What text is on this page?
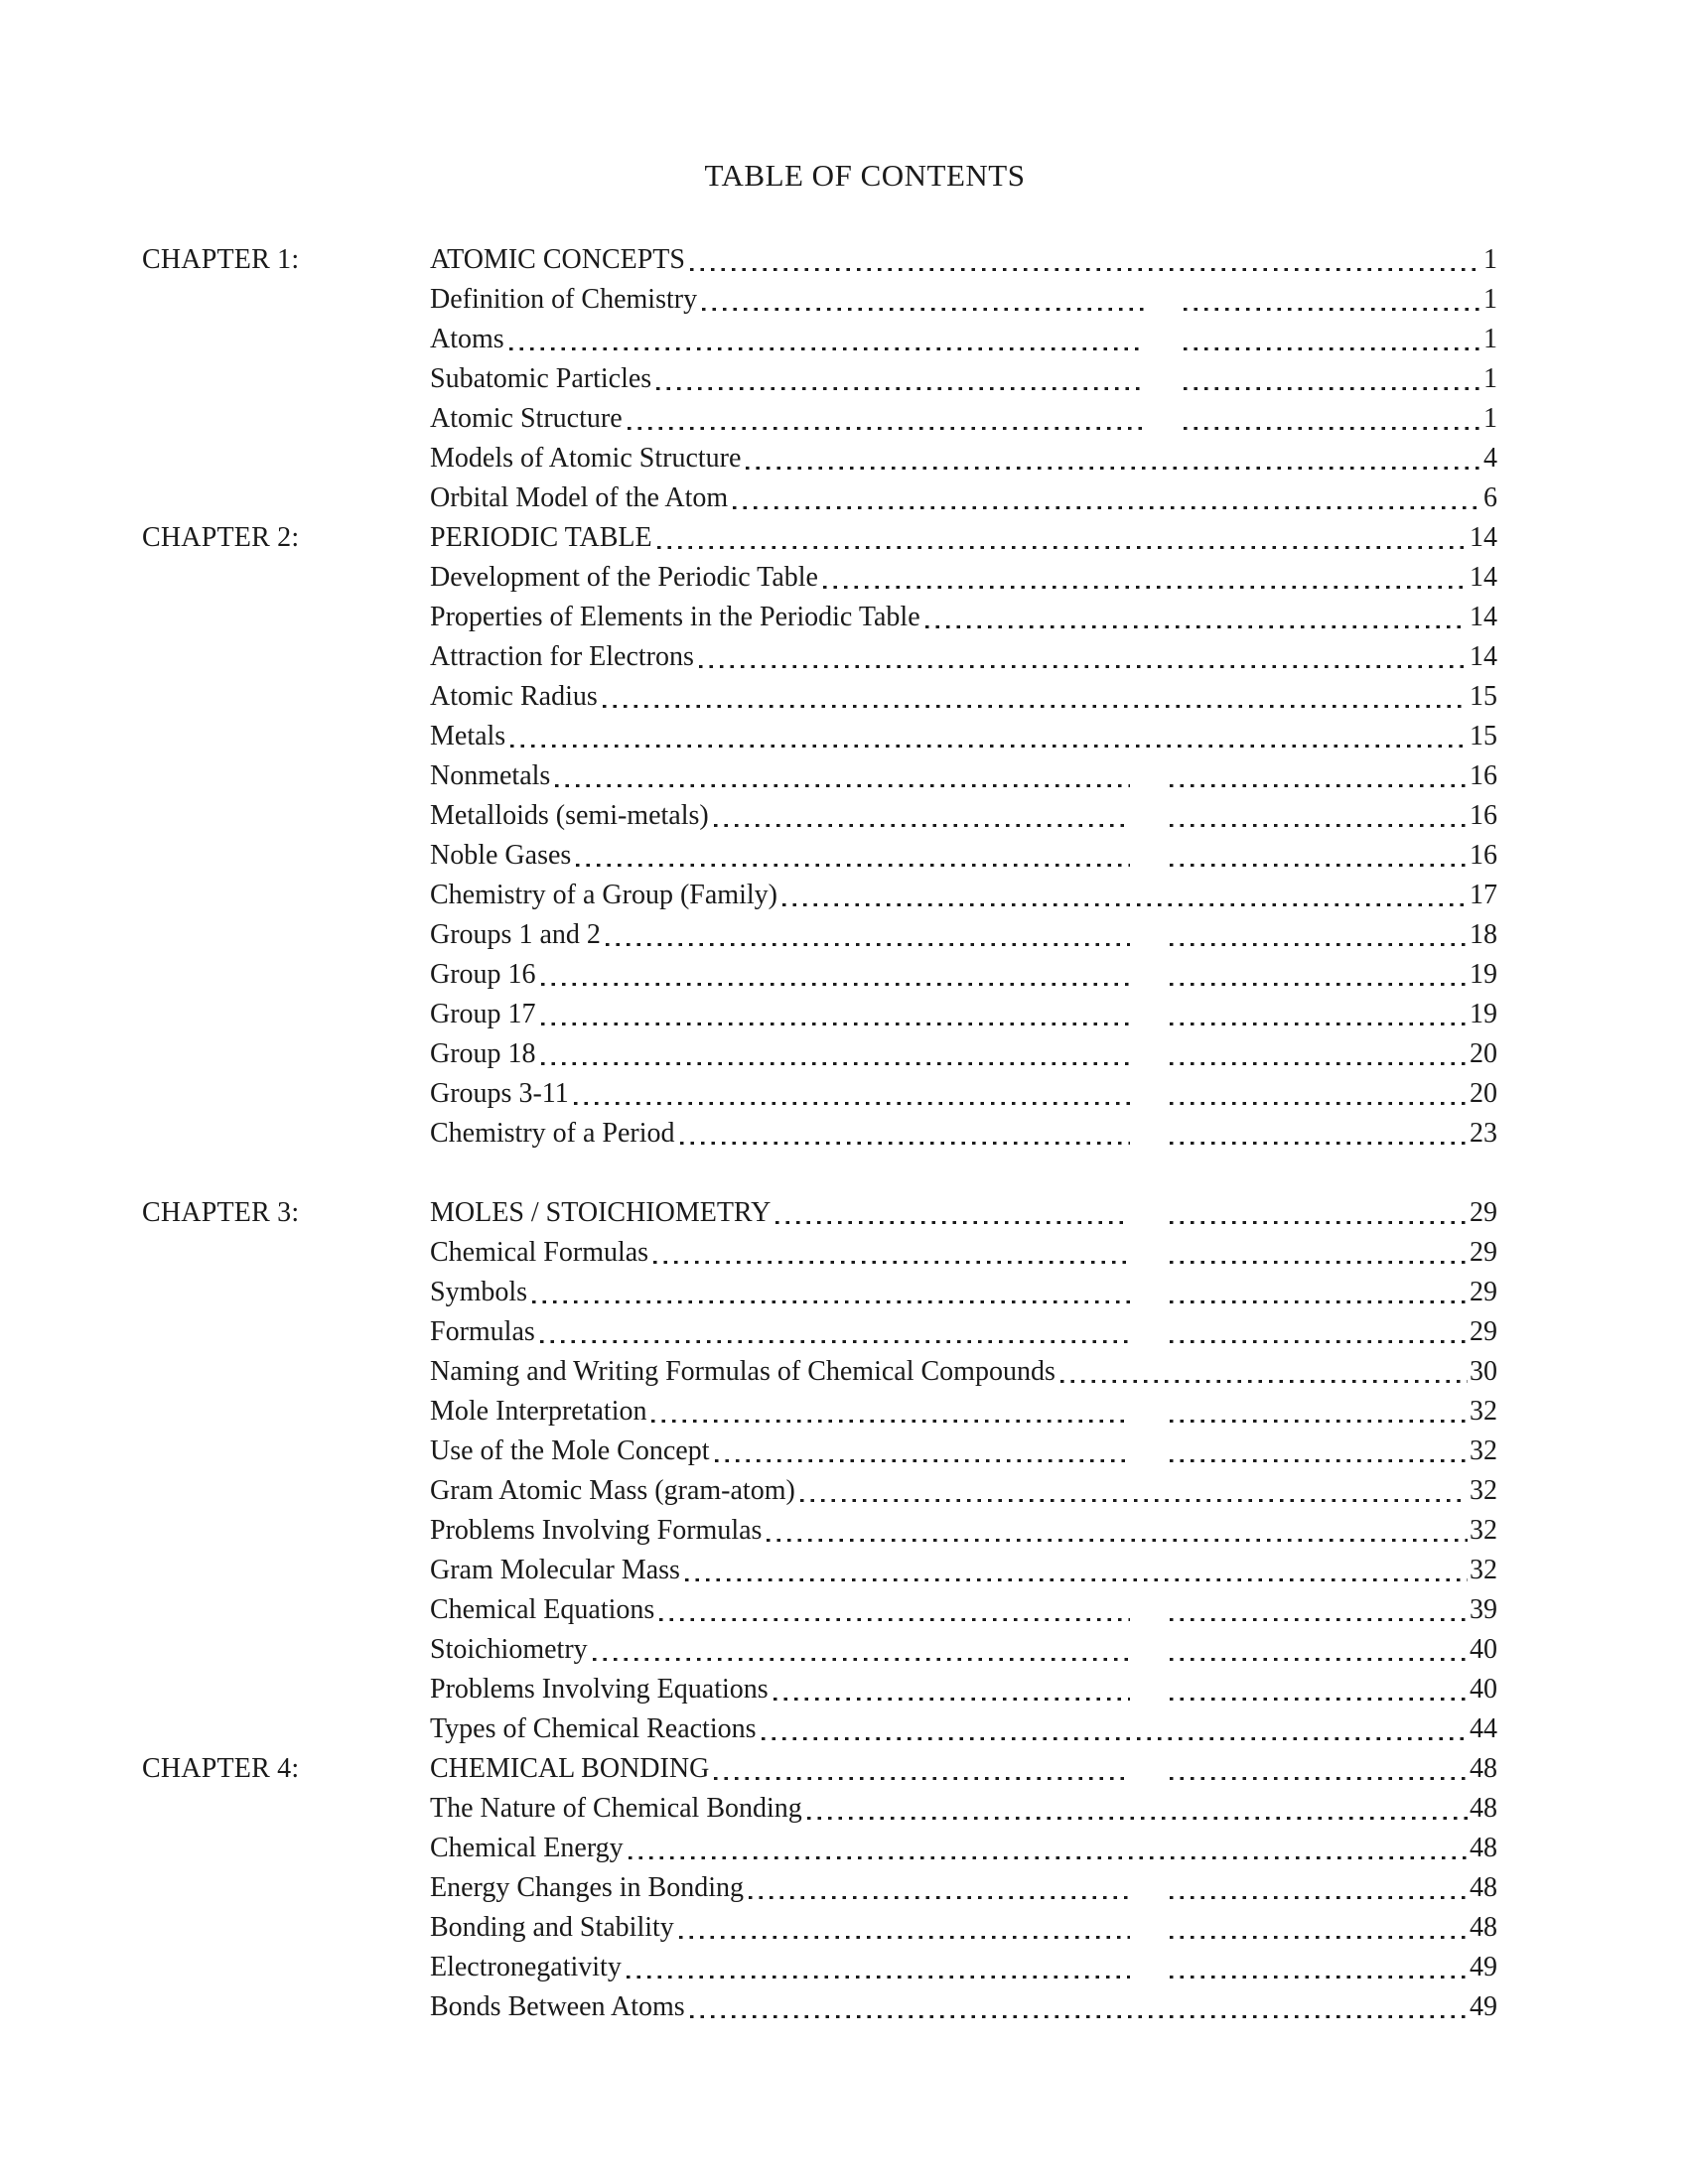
TABLE OF CONTENTS
CHAPTER 1:	ATOMIC CONCEPTS	1
Definition of Chemistry	1
Atoms	1
Subatomic Particles	1
Atomic Structure	1
Models of Atomic Structure	4
Orbital Model of the Atom	6
CHAPTER 2:	PERIODIC TABLE	14
Development of the Periodic Table	14
Properties of Elements in the Periodic Table	14
Attraction for Electrons	14
Atomic Radius	15
Metals	15
Nonmetals	16
Metalloids (semi-metals)	16
Noble Gases	16
Chemistry of a Group (Family)	17
Groups 1 and 2	18
Group 16	19
Group 17	19
Group 18	20
Groups 3-11	20
Chemistry of a Period	23
CHAPTER 3:	MOLES / STOICHIOMETRY	29
Chemical Formulas	29
Symbols	29
Formulas	29
Naming and Writing Formulas of Chemical Compounds	30
Mole Interpretation	32
Use of the Mole Concept	32
Gram Atomic Mass (gram-atom)	32
Problems Involving Formulas	32
Gram Molecular Mass	32
Chemical Equations	39
Stoichiometry	40
Problems Involving Equations	40
Types of Chemical Reactions	44
CHAPTER 4:	CHEMICAL BONDING	48
The Nature of Chemical Bonding	48
Chemical Energy	48
Energy Changes in Bonding	48
Bonding and Stability	48
Electronegativity	49
Bonds Between Atoms	49
